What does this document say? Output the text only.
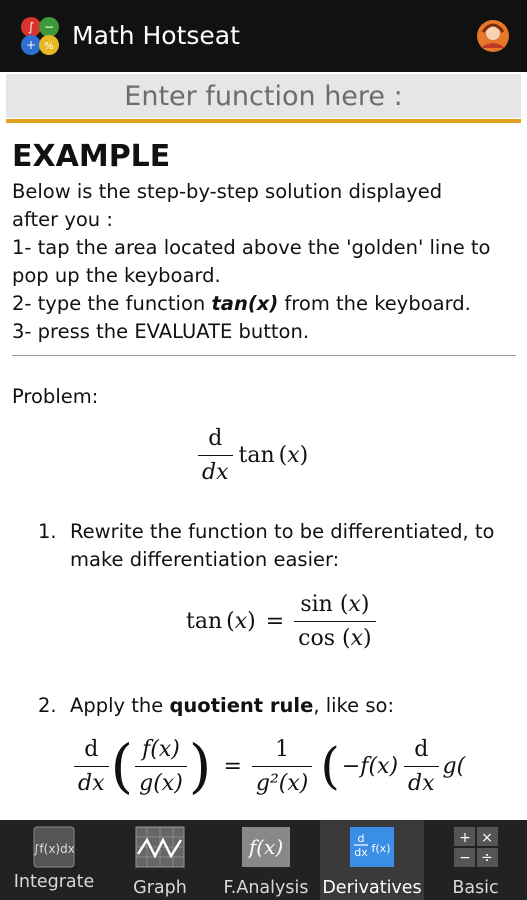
∫ −
+ % Math Hotseat
Enter function here :
EXAMPLE

Below is the step-by-step solution displayed

after you :

1- tap the area located above the 'golden' line to

pop up the keyboard.

2- type the function tan(x) from the keyboard.

3- press the EVALUATE button.

Problem:
$\frac{d}{dx}$ tan (𝑥)
1. Rewrite the function to be differentiated, to make differentiation easier:
tan (𝑥) = $\frac{\text{sin (𝑥)}}{\text{cos (𝑥)}}$
2. Apply the quotient rule, like so:
$\frac{d}{dx}$ ( $\frac{f(x)}{g(x)}$ ) = $\frac{1}{\text{g²(x)}}$ ( $-f(x) \frac{d}{dx} g$(
∫f(x)dx
Integrate Graph
f(x)
F.Analysis
d
dx f(x)
Derivatives
+ ×
− ÷
Basic
